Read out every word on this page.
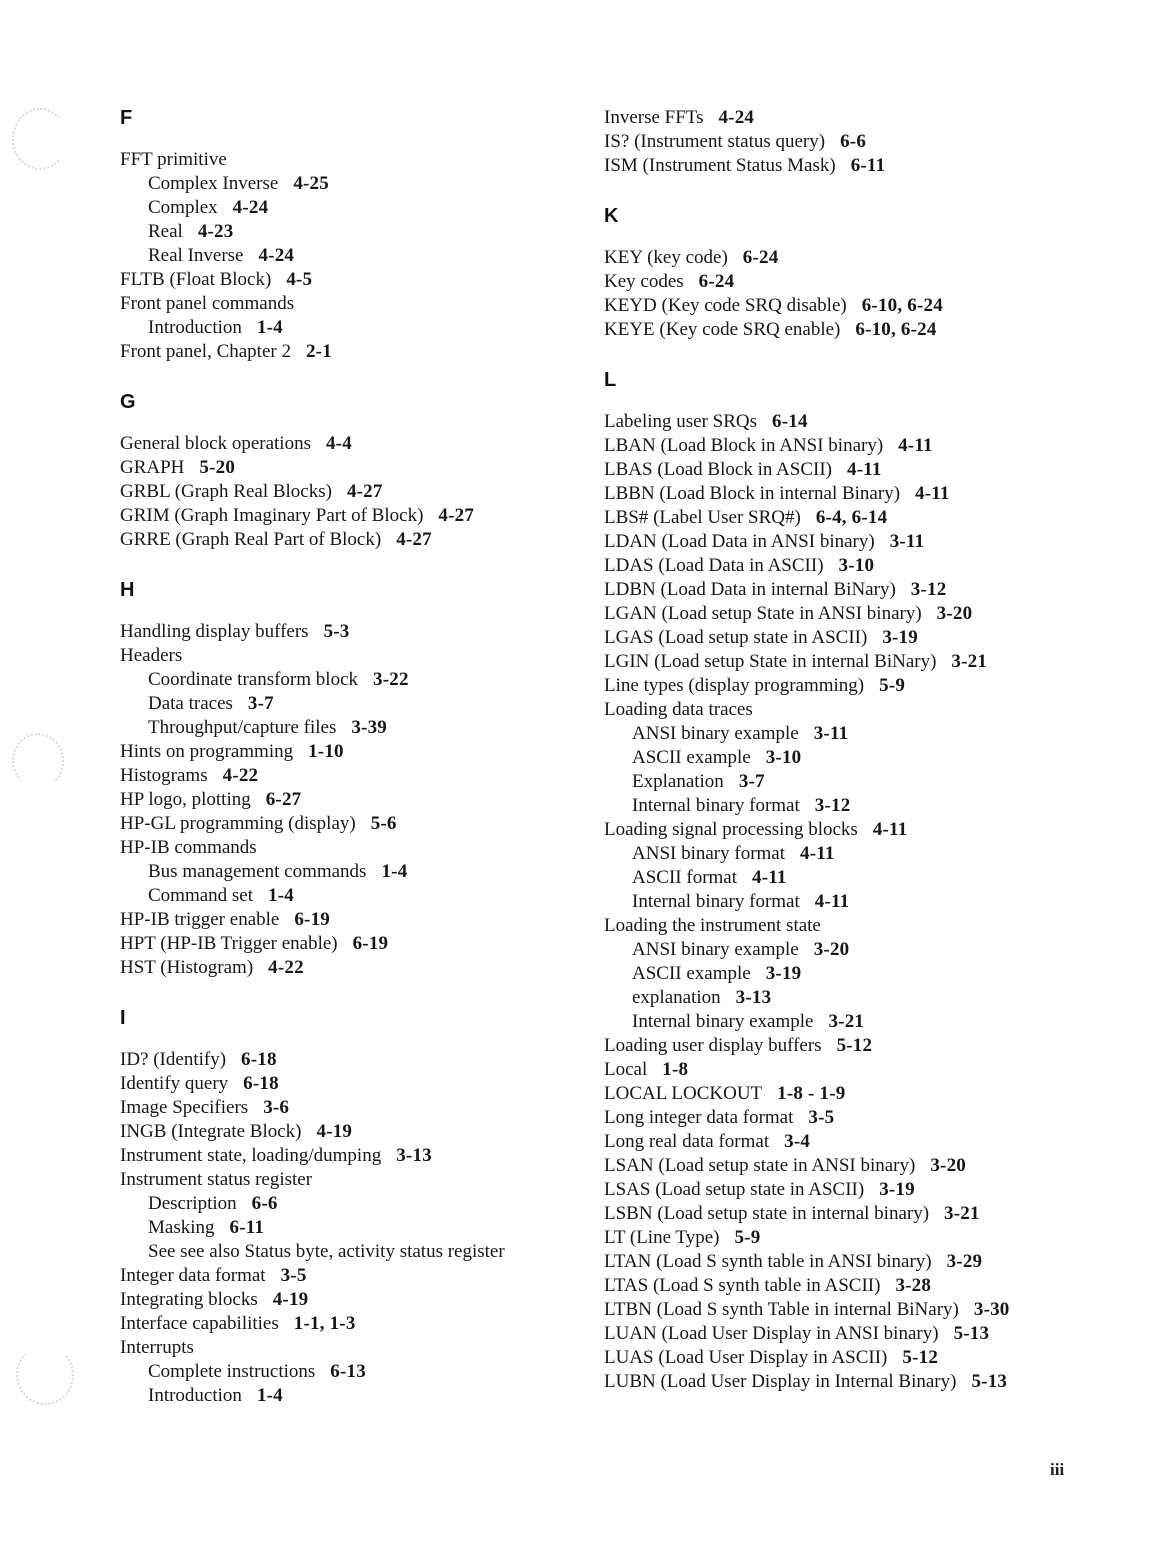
F
FFT primitive
Complex Inverse 4-25
Complex 4-24
Real 4-23
Real Inverse 4-24
FLTB (Float Block) 4-5
Front panel commands
Introduction 1-4
Front panel, Chapter 2 2-1
G
General block operations 4-4
GRAPH 5-20
GRBL (Graph Real Blocks) 4-27
GRIM (Graph Imaginary Part of Block) 4-27
GRRE (Graph Real Part of Block) 4-27
H
Handling display buffers 5-3
Headers
Coordinate transform block 3-22
Data traces 3-7
Throughput/capture files 3-39
Hints on programming 1-10
Histograms 4-22
HP logo, plotting 6-27
HP-GL programming (display) 5-6
HP-IB commands
Bus management commands 1-4
Command set 1-4
HP-IB trigger enable 6-19
HPT (HP-IB Trigger enable) 6-19
HST (Histogram) 4-22
I
ID? (Identify) 6-18
Identify query 6-18
Image Specifiers 3-6
INGB (Integrate Block) 4-19
Instrument state, loading/dumping 3-13
Instrument status register
Description 6-6
Masking 6-11
See see also Status byte, activity status register
Integer data format 3-5
Integrating blocks 4-19
Interface capabilities 1-1, 1-3
Interrupts
Complete instructions 6-13
Introduction 1-4
Inverse FFTs 4-24
IS? (Instrument status query) 6-6
ISM (Instrument Status Mask) 6-11
K
KEY (key code) 6-24
Key codes 6-24
KEYD (Key code SRQ disable) 6-10, 6-24
KEYE (Key code SRQ enable) 6-10, 6-24
L
Labeling user SRQs 6-14
LBAN (Load Block in ANSI binary) 4-11
LBAS (Load Block in ASCII) 4-11
LBBN (Load Block in internal Binary) 4-11
LBS# (Label User SRQ#) 6-4, 6-14
LDAN (Load Data in ANSI binary) 3-11
LDAS (Load Data in ASCII) 3-10
LDBN (Load Data in internal BiNary) 3-12
LGAN (Load setup State in ANSI binary) 3-20
LGAS (Load setup state in ASCII) 3-19
LGIN (Load setup State in internal BiNary) 3-21
Line types (display programming) 5-9
Loading data traces
ANSI binary example 3-11
ASCII example 3-10
Explanation 3-7
Internal binary format 3-12
Loading signal processing blocks 4-11
ANSI binary format 4-11
ASCII format 4-11
Internal binary format 4-11
Loading the instrument state
ANSI binary example 3-20
ASCII example 3-19
explanation 3-13
Internal binary example 3-21
Loading user display buffers 5-12
Local 1-8
LOCAL LOCKOUT 1-8 - 1-9
Long integer data format 3-5
Long real data format 3-4
LSAN (Load setup state in ANSI binary) 3-20
LSAS (Load setup state in ASCII) 3-19
LSBN (Load setup state in internal binary) 3-21
LT (Line Type) 5-9
LTAN (Load S synth table in ANSI binary) 3-29
LTAS (Load S synth table in ASCII) 3-28
LTBN (Load S synth Table in internal BiNary) 3-30
LUAN (Load User Display in ANSI binary) 5-13
LUAS (Load User Display in ASCII) 5-12
LUBN (Load User Display in Internal Binary) 5-13
iii
